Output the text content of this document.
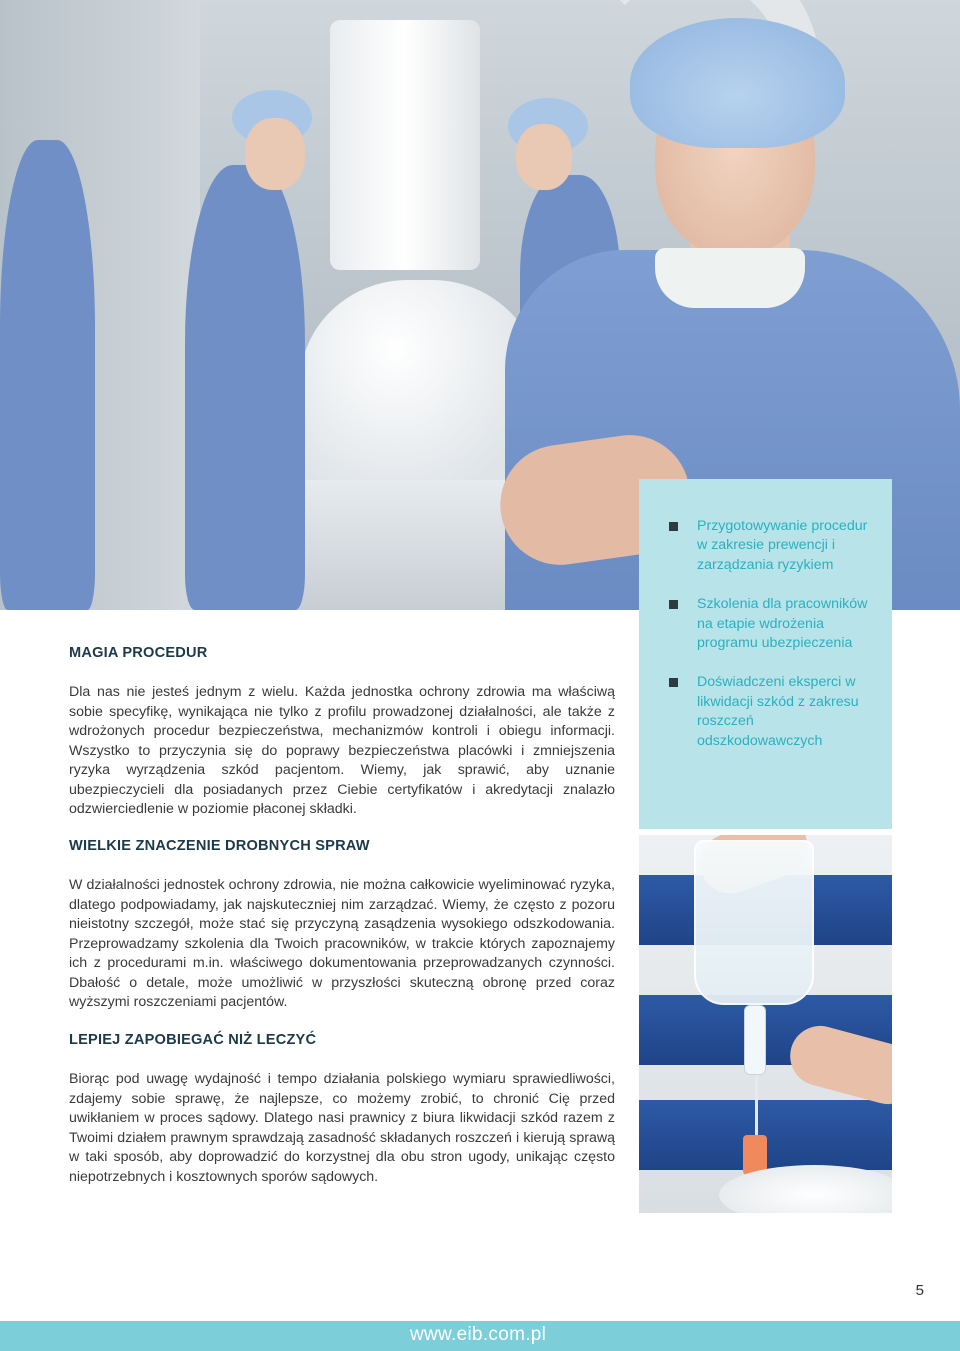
Przygotowywanie procedur w zakresie prewencji i zarządzania ryzykiem
Szkolenia dla pracowników na etapie wdrożenia programu ubezpieczenia
Doświadczeni eksperci w likwidacji szkód z zakresu roszczeń odszkodowawczych
MAGIA PROCEDUR

Dla nas nie jesteś jednym z wielu. Każda jednostka ochrony zdrowia ma właściwą sobie specyfikę, wynikająca nie tylko z profilu prowadzonej działalności, ale także z wdrożonych procedur bezpieczeństwa, mechanizmów kontroli i obiegu informacji. Wszystko to przyczynia się do poprawy bezpieczeństwa placówki i zmniejszenia ryzyka wyrządzenia szkód pacjentom. Wiemy, jak sprawić, aby uznanie ubezpieczycieli dla posiadanych przez Ciebie certyfikatów i akredytacji znalazło odzwierciedlenie w poziomie płaconej składki.

WIELKIE ZNACZENIE DROBNYCH SPRAW

W działalności jednostek ochrony zdrowia, nie można całkowicie wyeliminować ryzyka, dlatego podpowiadamy, jak najskuteczniej nim zarządzać. Wiemy, że często z pozoru nieistotny szczegół, może stać się przyczyną zasądzenia wysokiego odszkodowania. Przeprowadzamy szkolenia dla Twoich pracowników, w trakcie których zapoznajemy ich z procedurami m.in. właściwego dokumentowania przeprowadzanych czynności. Dbałość o detale, może umożliwić w przyszłości skuteczną obronę przed coraz wyższymi roszczeniami pacjentów.

LEPIEJ ZAPOBIEGAĆ NIŻ LECZYĆ

Biorąc pod uwagę wydajność i tempo działania polskiego wymiaru sprawiedliwości, zdajemy sobie sprawę, że najlepsze, co możemy zrobić, to chronić Cię przed uwikłaniem w proces sądowy. Dlatego nasi prawnicy z biura likwidacji szkód razem z Twoimi działem prawnym sprawdzają zasadność składanych roszczeń i kierują sprawą w taki sposób, aby doprowadzić do korzystnej dla obu stron ugody, unikając często niepotrzebnych i kosztownych sporów sądowych.

5
www.eib.com.pl
